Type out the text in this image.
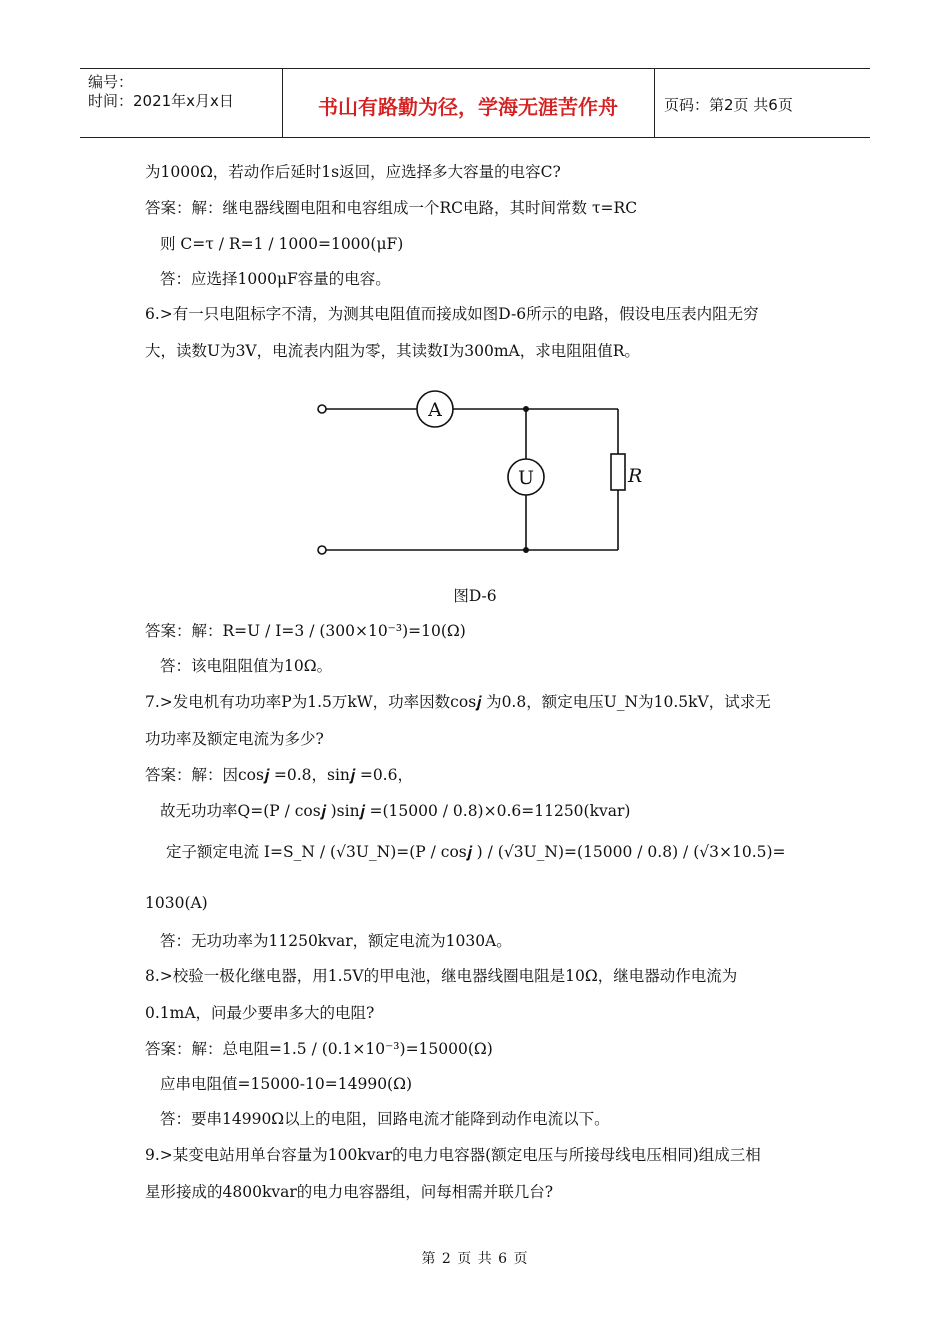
编号：
时间：2021年x月x日	书山有路勤为径，学海无涯苦作舟	页码：第2页 共6页
为1000Ω，若动作后延时1s返回，应选择多大容量的电容C?
答案：解：继电器线圈电阻和电容组成一个RC电路，其时间常数 τ=RC
则 C=τ / R=1 / 1000=1000(μF)
答：应选择1000μF容量的电容。
6.>有一只电阻标字不清，为测其电阻值而接成如图D-6所示的电路，假设电压表内阻无穷
大，读数U为3V，电流表内阻为零，其读数I为300mA，求电阻阻值R。
A
U	R
图D-6
答案：解：R=U / I=3 / (300×10⁻³)=10(Ω)
答：该电阻阻值为10Ω。
7.>发电机有功功率P为1.5万kW，功率因数cos𝒋 为0.8，额定电压U_N为10.5kV，试求无
功功率及额定电流为多少?
答案：解：因cos𝒋 =0.8，sin𝒋 =0.6，
故无功功率Q=(P / cos𝒋 )sin𝒋 =(15000 / 0.8)×0.6=11250(kvar)
定子额定电流 I=S_N / (√3U_N)=(P / cos𝒋 ) / (√3U_N)=(15000 / 0.8) / (√3×10.5)=
1030(A)
答：无功功率为11250kvar，额定电流为1030A。
8.>校验一极化继电器，用1.5V的甲电池，继电器线圈电阻是10Ω，继电器动作电流为
0.1mA，问最少要串多大的电阻?
答案：解：总电阻=1.5 / (0.1×10⁻³)=15000(Ω)
应串电阻值=15000-10=14990(Ω)
答：要串14990Ω以上的电阻，回路电流才能降到动作电流以下。
9.>某变电站用单台容量为100kvar的电力电容器(额定电压与所接母线电压相同)组成三相
星形接成的4800kvar的电力电容器组，问每相需并联几台?
第 2 页 共 6 页
